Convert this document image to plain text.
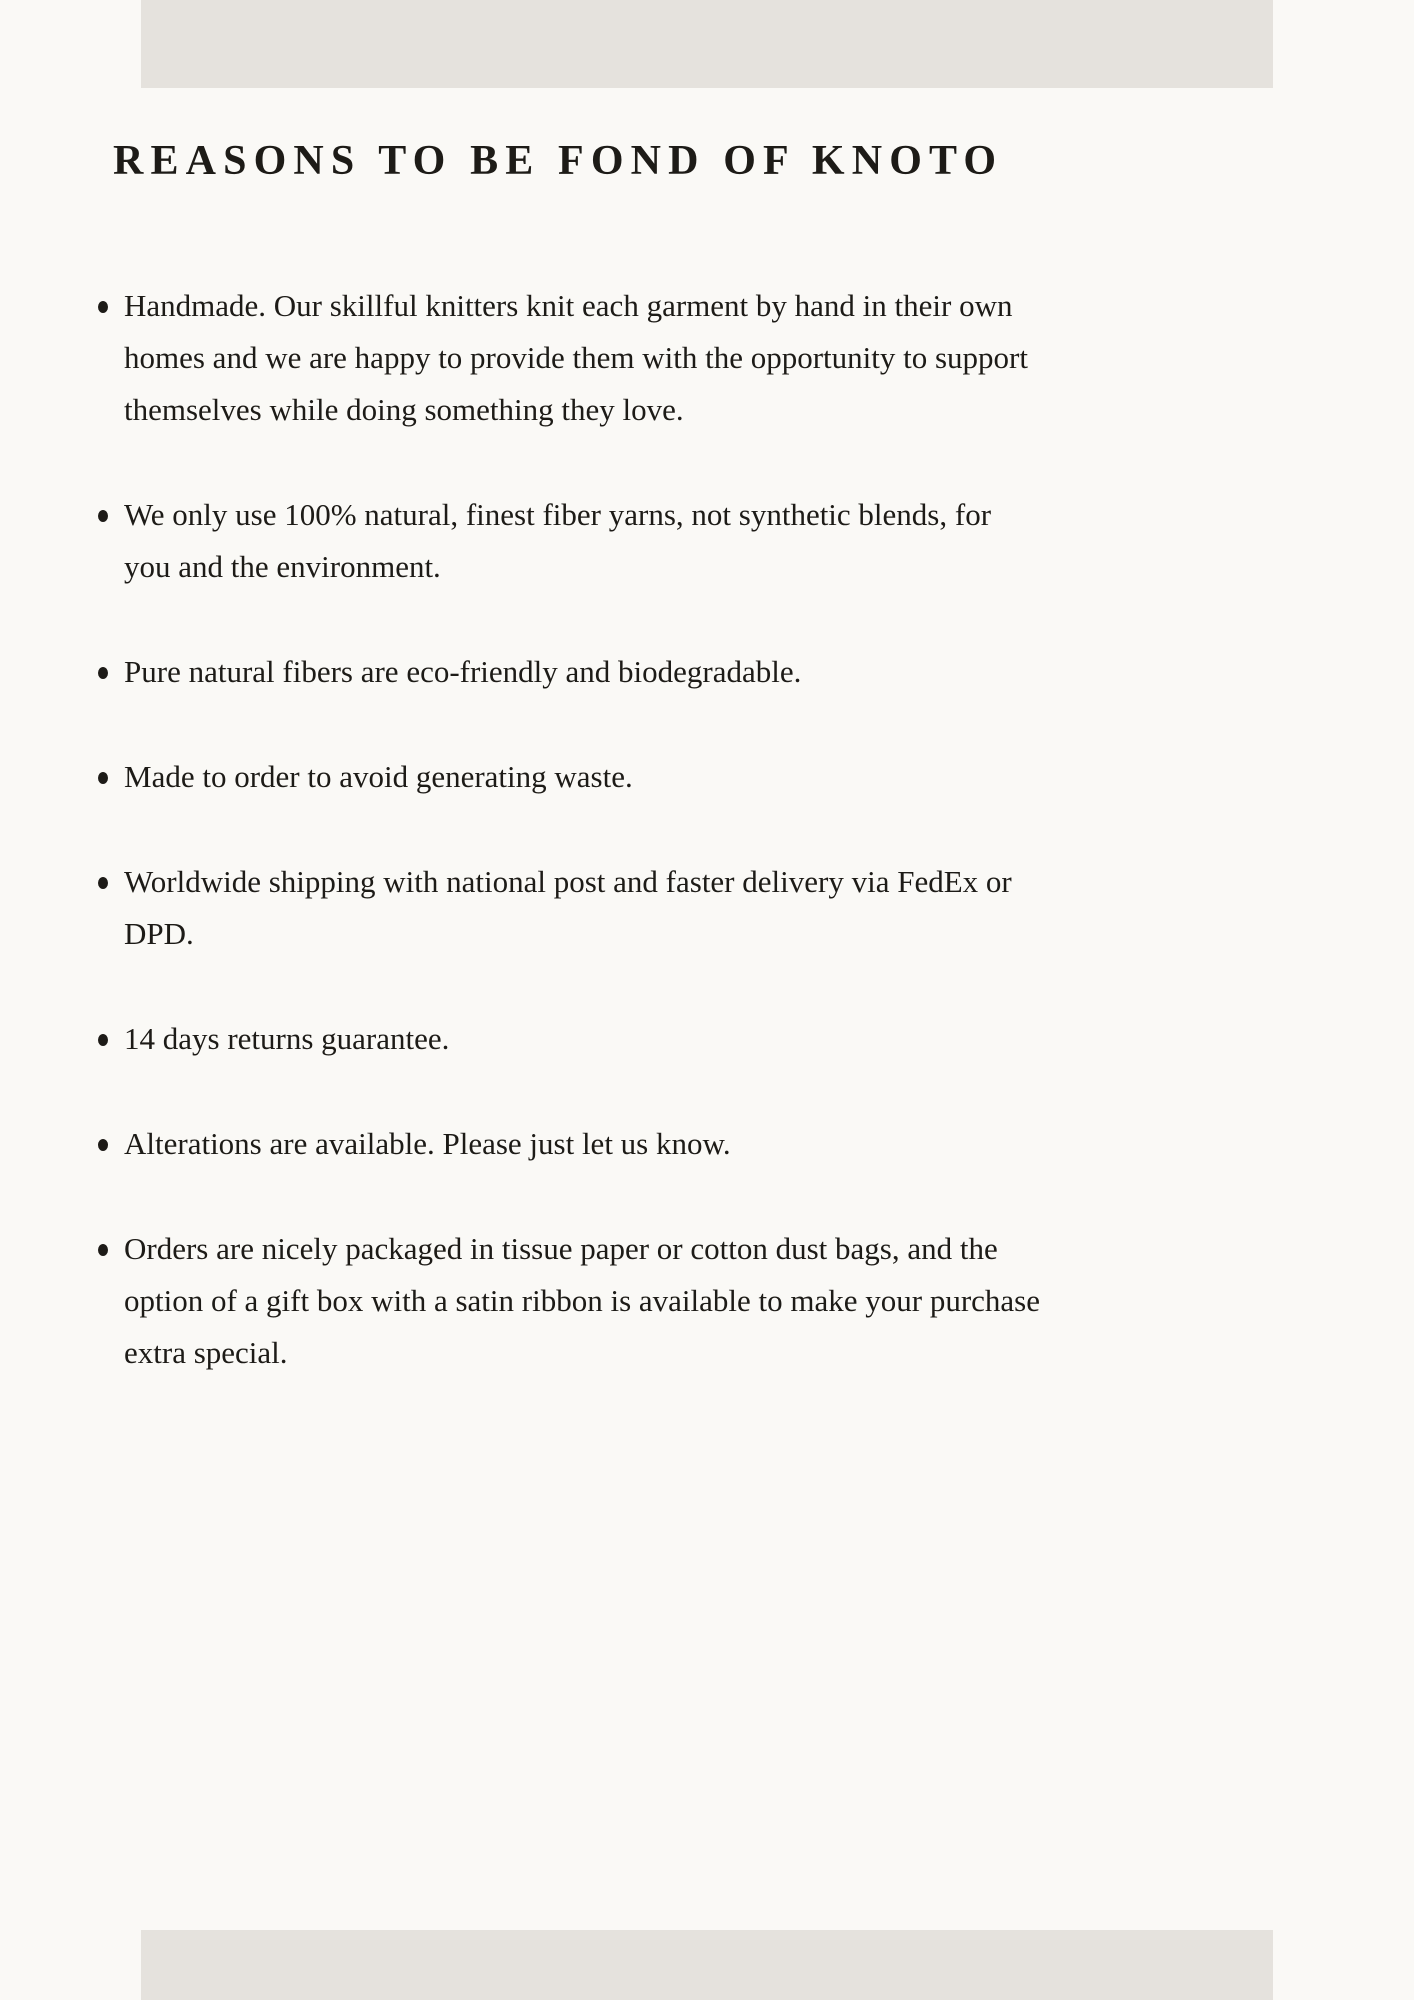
REASONS TO BE FOND OF KNOTO

Handmade. Our skillful knitters knit each garment by hand in their own homes and we are happy to provide them with the opportunity to support themselves while doing something they love.

We only use 100% natural, finest fiber yarns, not synthetic blends, for you and the environment.

Pure natural fibers are eco-friendly and biodegradable.

Made to order to avoid generating waste.

Worldwide shipping with national post and faster delivery via FedEx or DPD.

14 days returns guarantee.

Alterations are available. Please just let us know.

Orders are nicely packaged in tissue paper or cotton dust bags, and the option of a gift box with a satin ribbon is available to make your purchase extra special.
